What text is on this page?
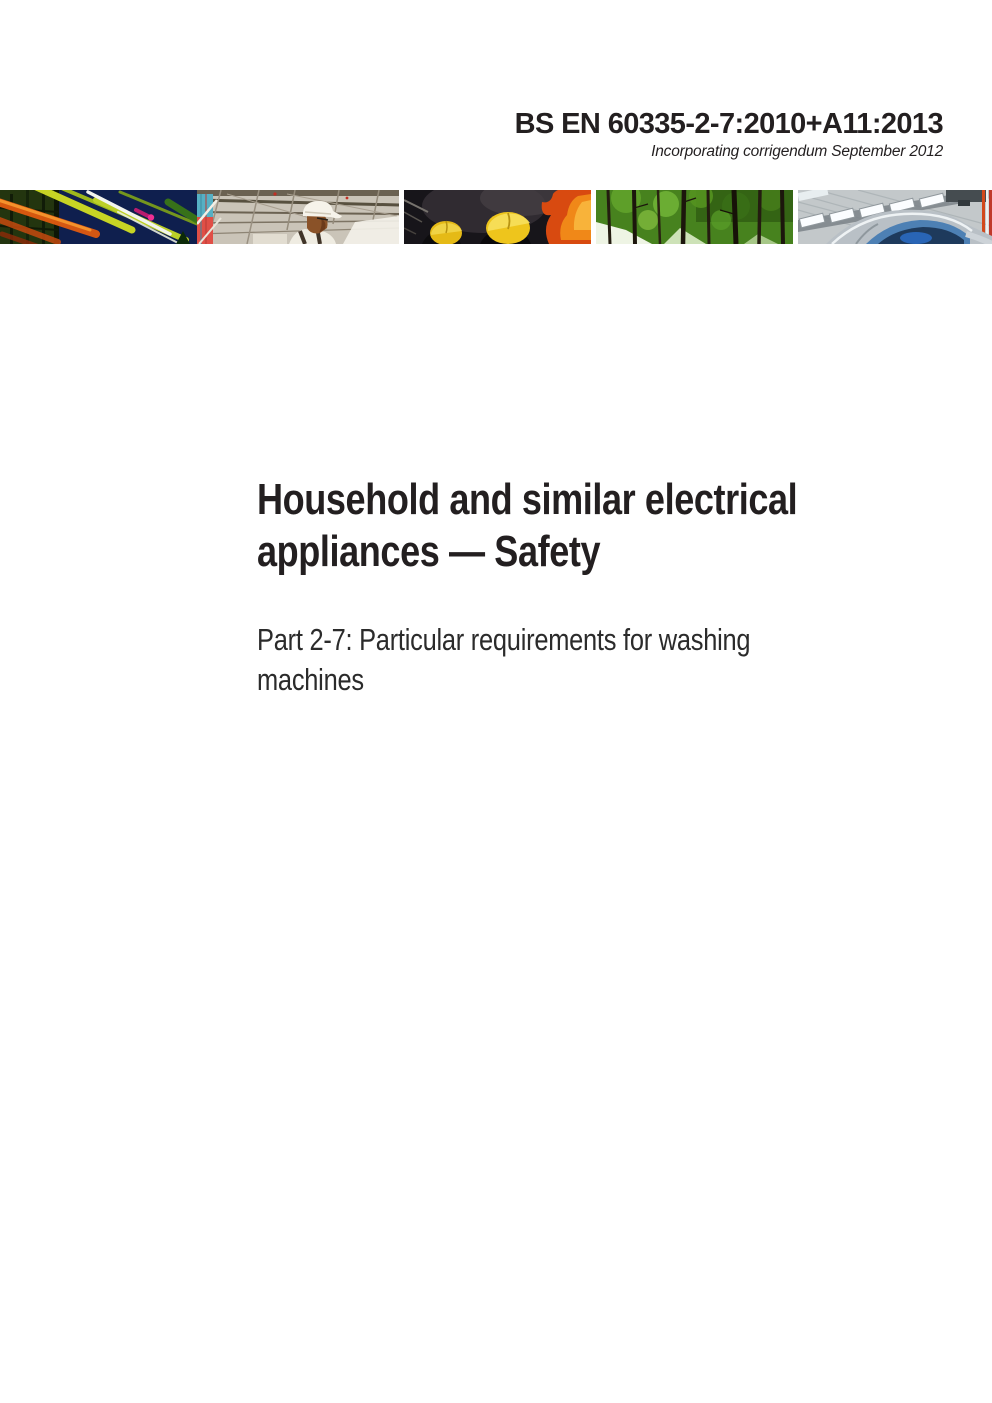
BS EN 60335-2-7:2010+A11:2013
Incorporating corrigendum September 2012
Household and similar electrical
appliances — Safety

Part 2-7: Particular requirements for washing
machines
